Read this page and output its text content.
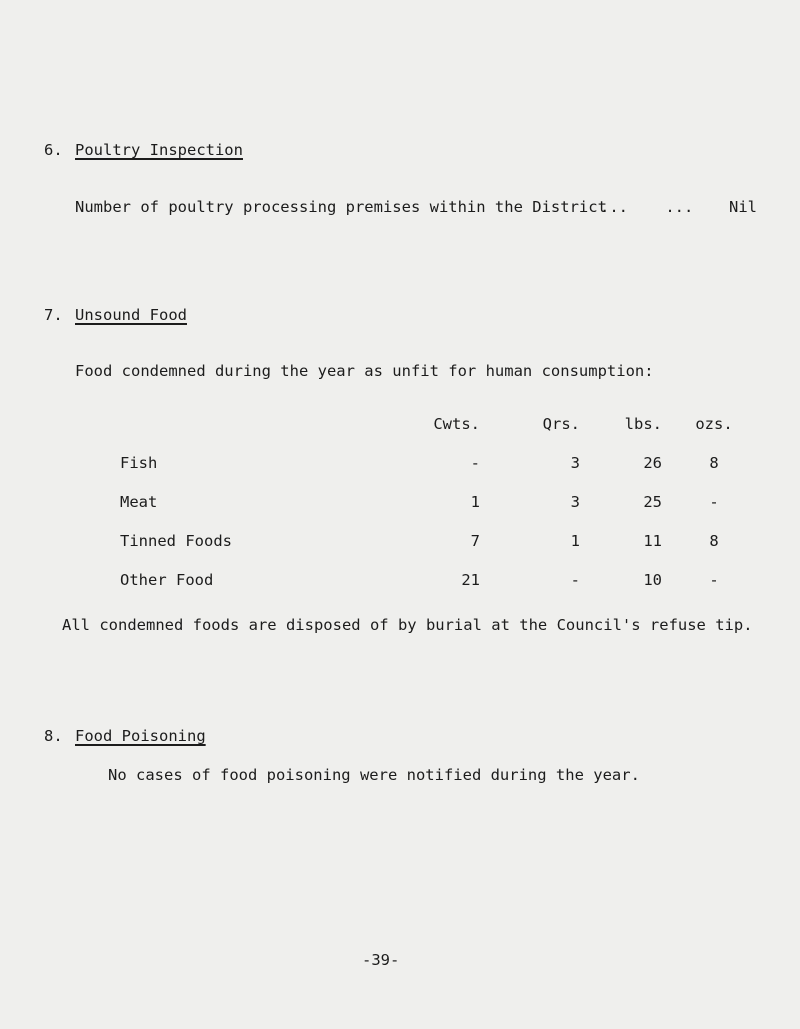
6. Poultry Inspection
Number of poultry processing premises within the District
...    ... Nil
7. Unsound Food
Food condemned during the year as unfit for human consumption:
	Cwts.	Qrs.	lbs.	ozs.
Fish	-	3	26	8
Meat	1	3	25	-
Tinned Foods	7	1	11	8
Other Food	21	-	10	-
All condemned foods are disposed of by burial at the Council's refuse tip.
8. Food Poisoning
No cases of food poisoning were notified during the year.
-39-
